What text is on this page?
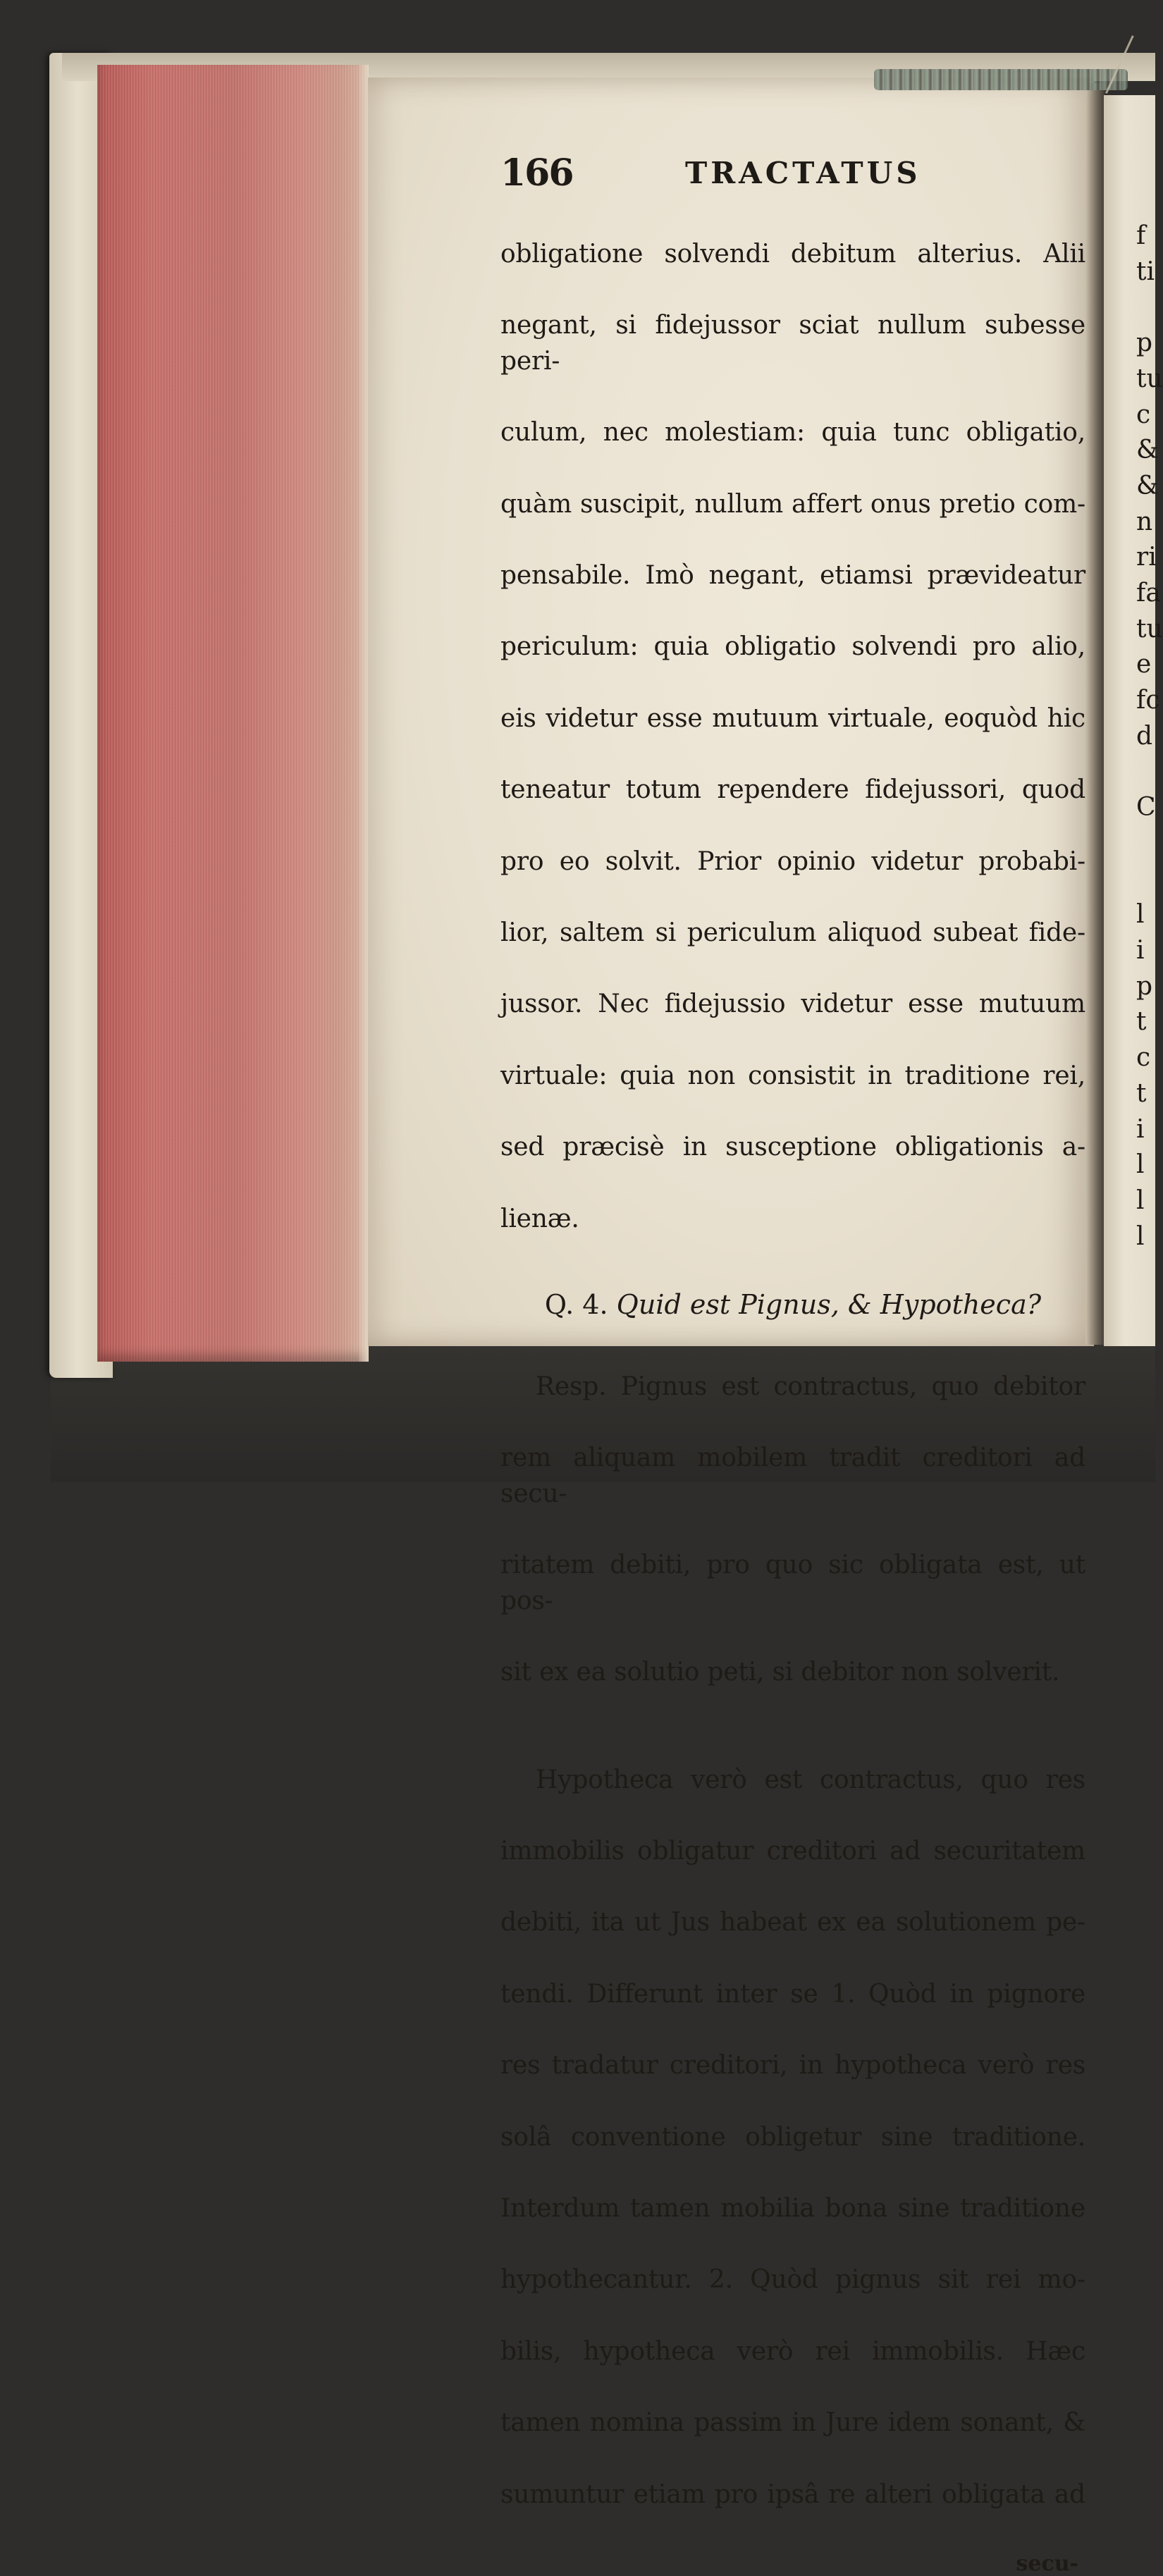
166	TRACTATUS

obligatione solvendi debitum alterius. Alii

negant, si fidejussor sciat nullum subesse peri-

culum, nec molestiam: quia tunc obligatio,

quàm suscipit, nullum affert onus pretio com-

pensabile. Imò negant, etiamsi prævideatur

periculum: quia obligatio solvendi pro alio,

eis videtur esse mutuum virtuale, eoquòd hic

teneatur totum rependere fidejussori, quod

pro eo solvit. Prior opinio videtur probabi-

lior, saltem si periculum aliquod subeat fide-

jussor. Nec fidejussio videtur esse mutuum

virtuale: quia non consistit in traditione rei,

sed præcisè in susceptione obligationis a-

lienæ.

Q. 4. Quid est Pignus, & Hypotheca?

Resp. Pignus est contractus, quo debitor

rem aliquam mobilem tradit creditori ad secu-

ritatem debiti, pro quo sic obligata est, ut pos-

sit ex ea solutio peti, si debitor non solverit.

Hypotheca verò est contractus, quo res

immobilis obligatur creditori ad securitatem

debiti, ita ut Jus habeat ex ea solutionem pe-

tendi. Differunt inter se 1. Quòd in pignore

res tradatur creditori, in hypotheca verò res

solâ conventione obligetur sine traditione.

Interdum tamen mobilia bona sine traditione

hypothecantur. 2. Quòd pignus sit rei mo-

bilis, hypotheca verò rei immobilis. Hæc

tamen nomina passim in Jure idem sonant, &

sumuntur etiam pro ipsâ re alteri obligata ad

secu-
f
ti

p
tu
c
&
&
n
ri
fa
tu
e
fc
d

C

l
i
p
t
c
t
i
l
l
l
